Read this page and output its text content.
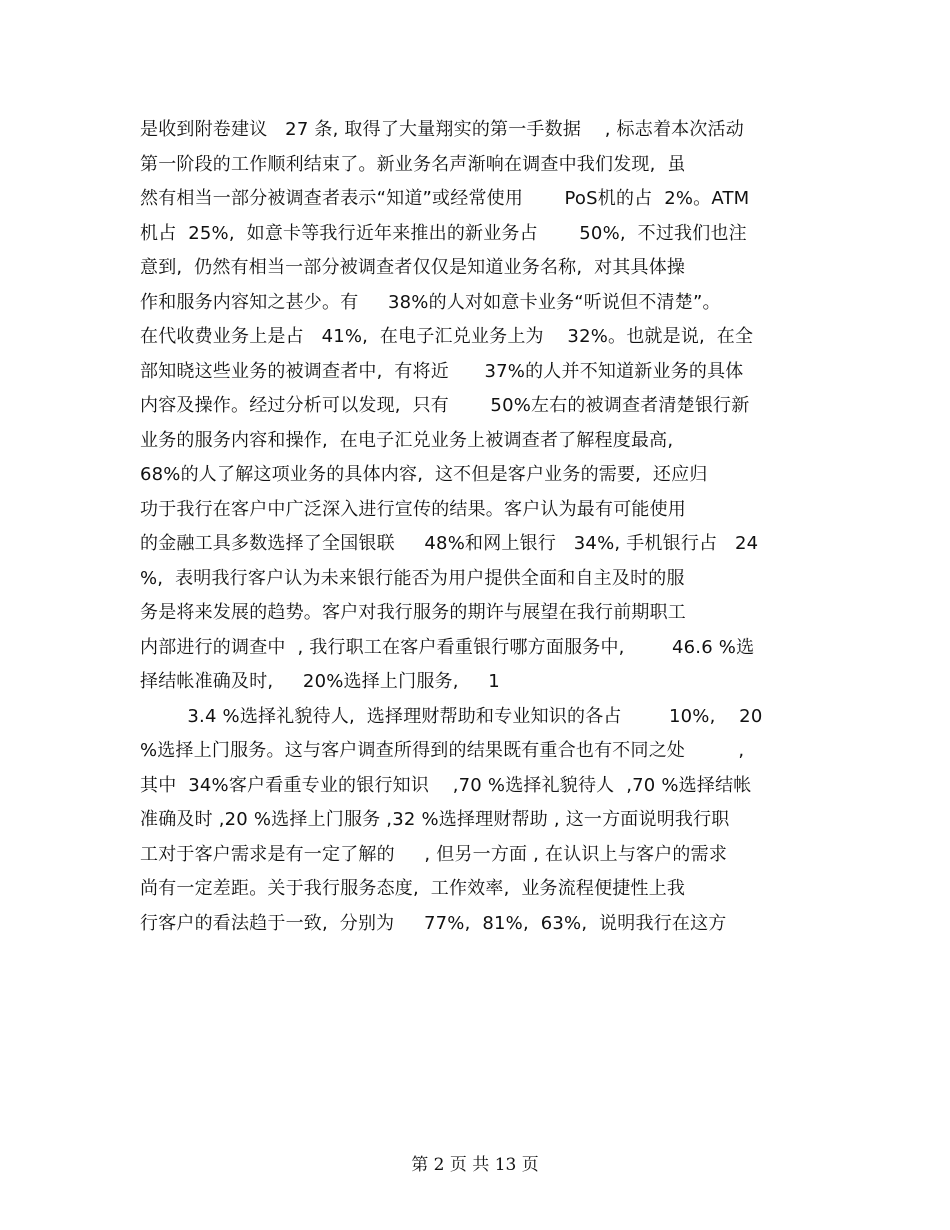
是收到附卷建议   27 条, 取得了大量翔实的第一手数据    , 标志着本次活动
第一阶段的工作顺利结束了。新业务名声渐响在调查中我们发现,  虽
然有相当一部分被调查者表示“知道”或经常使用       PoS机的占  2%。ATM
机占  25%,  如意卡等我行近年来推出的新业务占       50%,  不过我们也注
意到,  仍然有相当一部分被调查者仅仅是知道业务名称,  对其具体操
作和服务内容知之甚少。有     38%的人对如意卡业务“听说但不清楚”。
在代收费业务上是占   41%,  在电子汇兑业务上为    32%。也就是说,  在全
部知晓这些业务的被调查者中,  有将近      37%的人并不知道新业务的具体
内容及操作。经过分析可以发现,  只有       50%左右的被调查者清楚银行新
业务的服务内容和操作,  在电子汇兑业务上被调查者了解程度最高,
68%的人了解这项业务的具体内容,  这不但是客户业务的需要,  还应归
功于我行在客户中广泛深入进行宣传的结果。客户认为最有可能使用
的金融工具多数选择了全国银联     48%和网上银行   34%, 手机银行占   24
%,  表明我行客户认为未来银行能否为用户提供全面和自主及时的服
务是将来发展的趋势。客户对我行服务的期许与展望在我行前期职工
内部进行的调查中  , 我行职工在客户看重银行哪方面服务中,        46.6 %选
择结帐准确及时,     20%选择上门服务,     1
3.4 %选择礼貌待人,  选择理财帮助和专业知识的各占        10%,    20
%选择上门服务。这与客户调查所得到的结果既有重合也有不同之处         ,
其中  34%客户看重专业的银行知识    ,70 %选择礼貌待人  ,70 %选择结帐
准确及时 ,20 %选择上门服务 ,32 %选择理财帮助 , 这一方面说明我行职
工对于客户需求是有一定了解的     , 但另一方面 , 在认识上与客户的需求
尚有一定差距。关于我行服务态度,  工作效率,  业务流程便捷性上我
行客户的看法趋于一致,  分别为     77%,  81%,  63%,  说明我行在这方
第 2 页 共 13 页
